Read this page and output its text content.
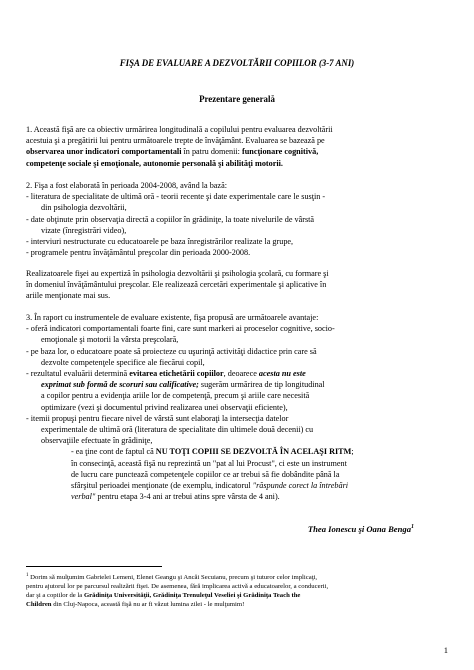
FIŞA DE EVALUARE A DEZVOLTĂRII COPIILOR (3-7 ANI)
Prezentare generală
1. Această fişă are ca obiectiv urmărirea longitudinală a copilului pentru evaluarea dezvoltării
acestuia şi a pregătirii lui pentru următoarele trepte de învăţământ. Evaluarea se bazează pe
observarea unor indicatori comportamentali în patru domenii: funcţionare cognitivă,
competenţe sociale şi emoţionale, autonomie personală şi abilităţi motorii.
2. Fişa a fost elaborată în perioada 2004-2008, având la bază:
- literatura de specialitate de ultimă oră - teorii recente şi date experimentale care le susţin -
din psihologia dezvoltării,
- date obţinute prin observaţia directă a copiilor în grădiniţe, la toate nivelurile de vârstă
vizate (înregistrări video),
- interviuri nestructurate cu educatoarele pe baza înregistrărilor realizate la grupe,
- programele pentru învăţământul preşcolar din perioada 2000-2008.
Realizatoarele fişei au expertiză în psihologia dezvoltării şi psihologia şcolară, cu formare şi
în domeniul învăţământului preşcolar. Ele realizează cercetări experimentale şi aplicative în
ariile menţionate mai sus.
3. În raport cu instrumentele de evaluare existente, fişa propusă are următoarele avantaje:
- oferă indicatori comportamentali foarte fini, care sunt markeri ai proceselor cognitive, socio-
emoţionale şi motorii la vârsta preşcolară,
- pe baza lor, o educatoare poate să proiecteze cu uşurinţă activităţi didactice prin care să
dezvolte competenţele specifice ale fiecărui copil,
- rezultatul evaluării determină evitarea etichetării copiilor, deoarece acesta nu este
exprimat sub formă de scoruri sau calificative; sugerăm urmărirea de tip longitudinal
a copilor pentru a evidenţia ariile lor de competenţă, precum şi ariile care necesită
optimizare (vezi şi documentul privind realizarea unei observaţii eficiente),
- itemii propuşi pentru fiecare nivel de vârstă sunt elaboraţi la intersecţia datelor
experimentale de ultimă oră (literatura de specialitate din ultimele două decenii) cu
observaţiile efectuate în grădiniţe,
- ea ţine cont de faptul că NU TOŢI COPIII SE DEZVOLTĂ ÎN ACELAŞI RITM;
în consecinţă, această fişă nu reprezintă un "pat al lui Procust", ci este un instrument
de lucru care punctează competenţele copiilor ce ar trebui să fie dobândite până la
sfârşitul perioadei menţionate (de exemplu, indicatorul "răspunde corect la întrebări
verbal" pentru etapa 3-4 ani ar trebui atins spre vârsta de 4 ani).
Thea Ionescu şi Oana Benga$^1$
$^1$ Dorim să mulţumim Gabrielei Lemeni, Elenei Geangu şi Ancăi Secuianu, precum şi tuturor celor implicaţi,
pentru ajutorul lor pe parcursul realizării fişei. De asemenea, fără implicarea activă a educatoarelor, a conducerii,
dar şi a copiilor de la Grădiniţa Universităţii, Grădiniţa Trenuleţul Veseliei şi Grădiniţa Teach the
Children din Cluj-Napoca, această fişă nu ar fi văzut lumina zilei - le mulţumim!
1
